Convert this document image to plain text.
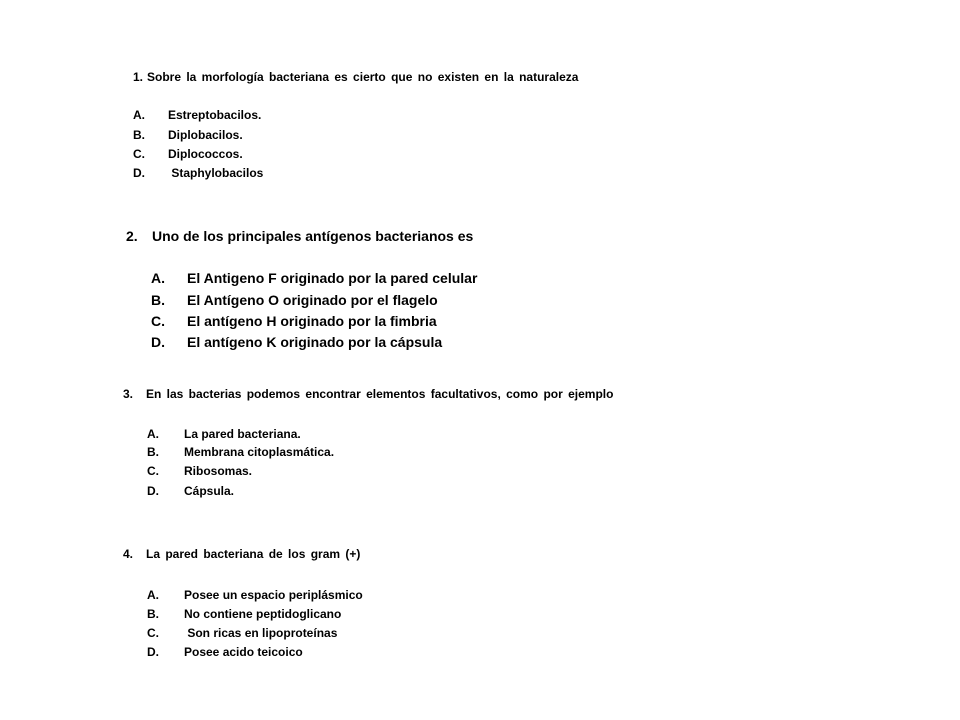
1. Sobre la morfología bacteriana es cierto que no existen en la naturaleza
A. Estreptobacilos.
B. Diplobacilos.
C. Diplococcos.
D. Staphylobacilos
2. Uno de los principales antígenos bacterianos es
A. El Antigeno F originado por la pared celular
B. El Antígeno O originado por el flagelo
C. El antígeno H originado por la fimbria
D. El antígeno K originado por la cápsula
3. En las bacterias podemos encontrar elementos facultativos, como por ejemplo
A. La pared bacteriana.
B. Membrana citoplasmática.
C. Ribosomas.
D. Cápsula.
4. La pared bacteriana de los gram (+)
A. Posee un espacio periplásmico
B. No contiene peptidoglicano
C. Son ricas en lipoproteínas
D. Posee acido teicoico
